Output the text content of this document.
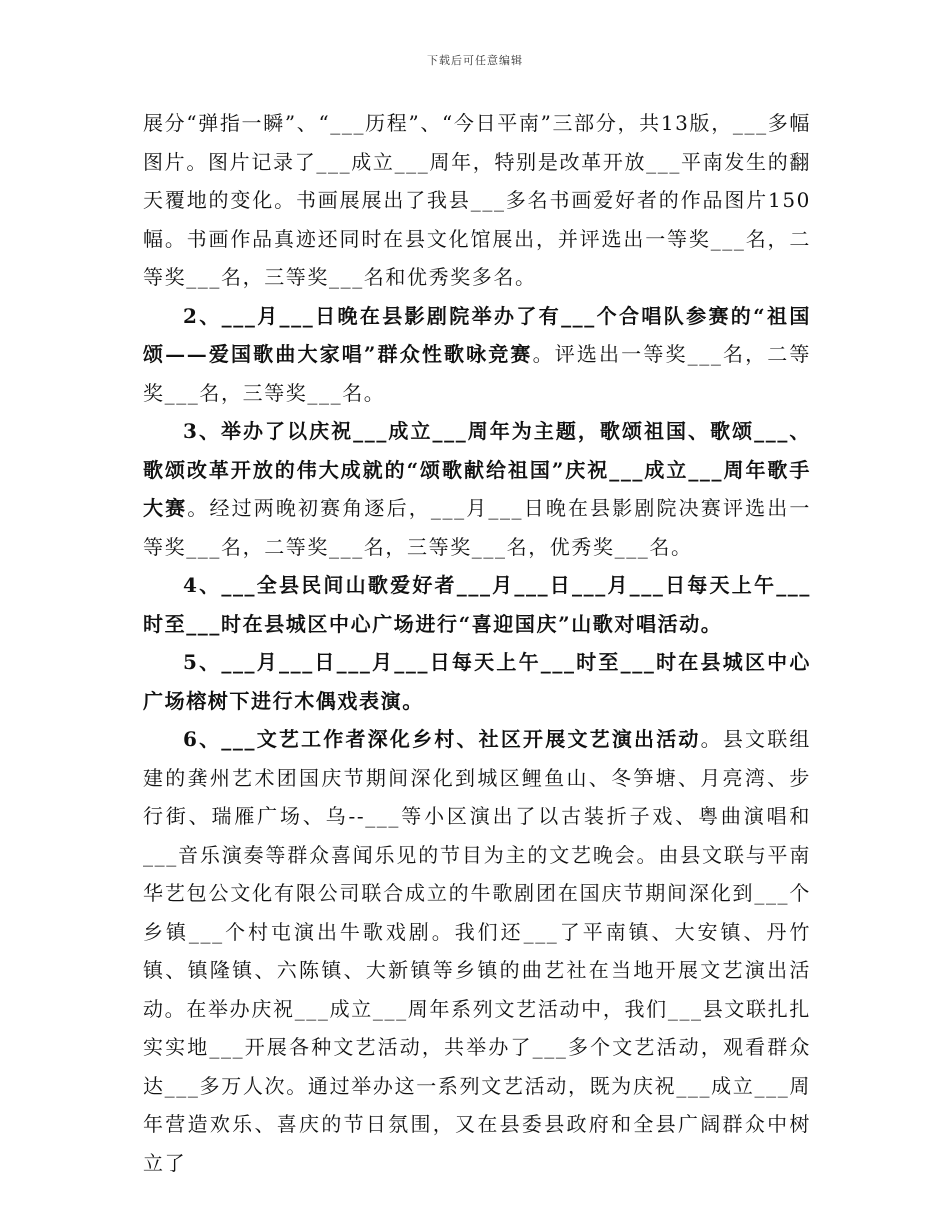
下载后可任意编辑

展分“弹指一瞬”、“___历程”、“今日平南”三部分，共13版，___多幅图片。图片记录了___成立___周年，特别是改革开放___平南发生的翻天覆地的变化。书画展展出了我县___多名书画爱好者的作品图片150幅。书画作品真迹还同时在县文化馆展出，并评选出一等奖___名，二等奖___名，三等奖___名和优秀奖多名。

2、___月___日晚在县影剧院举办了有___个合唱队参赛的“祖国颂——爱国歌曲大家唱”群众性歌咏竞赛。评选出一等奖___名，二等奖___名，三等奖___名。

3、举办了以庆祝___成立___周年为主题，歌颂祖国、歌颂___、歌颂改革开放的伟大成就的“颂歌献给祖国”庆祝___成立___周年歌手大赛。经过两晚初赛角逐后，___月___日晚在县影剧院决赛评选出一等奖___名，二等奖___名，三等奖___名，优秀奖___名。

4、___全县民间山歌爱好者___月___日___月___日每天上午___时至___时在县城区中心广场进行“喜迎国庆”山歌对唱活动。

5、___月___日___月___日每天上午___时至___时在县城区中心广场榕树下进行木偶戏表演。

6、___文艺工作者深化乡村、社区开展文艺演出活动。县文联组建的龚州艺术团国庆节期间深化到城区鲤鱼山、冬笋塘、月亮湾、步行街、瑞雁广场、乌--___等小区演出了以古装折子戏、粤曲演唱和___音乐演奏等群众喜闻乐见的节目为主的文艺晚会。由县文联与平南华艺包公文化有限公司联合成立的牛歌剧团在国庆节期间深化到___个乡镇___个村屯演出牛歌戏剧。我们还___了平南镇、大安镇、丹竹镇、镇隆镇、六陈镇、大新镇等乡镇的曲艺社在当地开展文艺演出活动。在举办庆祝___成立___周年系列文艺活动中，我们___县文联扎扎实实地___开展各种文艺活动，共举办了___多个文艺活动，观看群众达___多万人次。通过举办这一系列文艺活动，既为庆祝___成立___周年营造欢乐、喜庆的节日氛围，又在县委县政府和全县广阔群众中树立了
